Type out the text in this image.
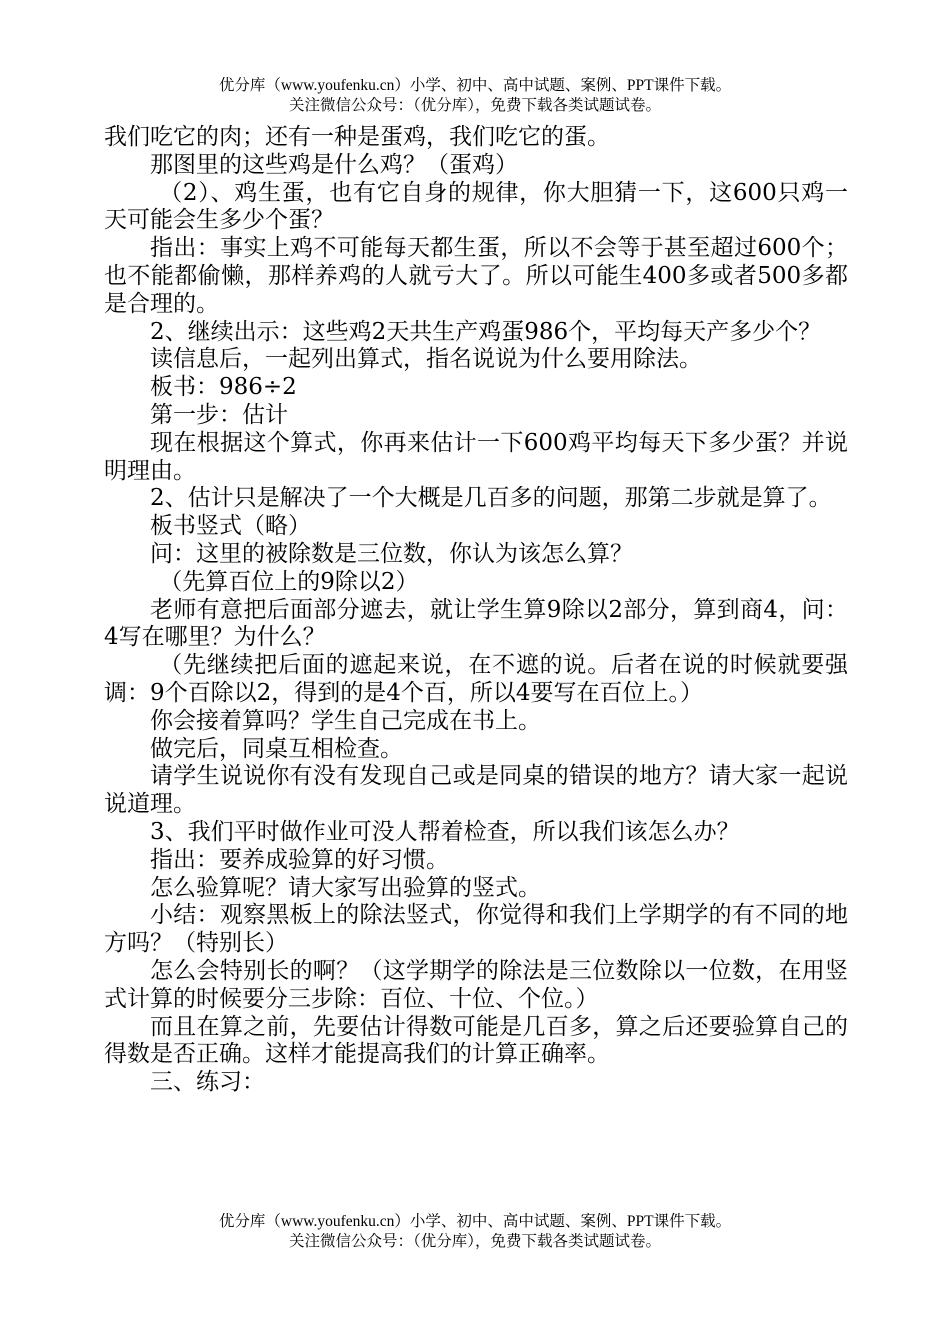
优分库（www.youfenku.cn）小学、初中、高中试题、案例、PPT课件下载。
关注微信公众号：（优分库），免费下载各类试题试卷。

我们吃它的肉；还有一种是蛋鸡，我们吃它的蛋。

那图里的这些鸡是什么鸡？（蛋鸡）

（2）、鸡生蛋，也有它自身的规律，你大胆猜一下，这600只鸡一天可能会生多少个蛋？

指出：事实上鸡不可能每天都生蛋，所以不会等于甚至超过600个；也不能都偷懒，那样养鸡的人就亏大了。所以可能生400多或者500多都是合理的。

2、继续出示：这些鸡2天共生产鸡蛋986个，平均每天产多少个？

读信息后，一起列出算式，指名说说为什么要用除法。

板书：986÷2

第一步：估计

现在根据这个算式，你再来估计一下600鸡平均每天下多少蛋？并说明理由。

2、估计只是解决了一个大概是几百多的问题，那第二步就是算了。

板书竖式（略）

问：这里的被除数是三位数，你认为该怎么算？

（先算百位上的9除以2）

老师有意把后面部分遮去，就让学生算9除以2部分，算到商4，问：4写在哪里？为什么？

（先继续把后面的遮起来说，在不遮的说。后者在说的时候就要强调：9个百除以2，得到的是4个百，所以4要写在百位上。）

你会接着算吗？学生自己完成在书上。

做完后，同桌互相检查。

请学生说说你有没有发现自己或是同桌的错误的地方？请大家一起说说道理。

3、我们平时做作业可没人帮着检查，所以我们该怎么办？

指出：要养成验算的好习惯。

怎么验算呢？请大家写出验算的竖式。

小结：观察黑板上的除法竖式，你觉得和我们上学期学的有不同的地方吗？（特别长）

怎么会特别长的啊？（这学期学的除法是三位数除以一位数，在用竖式计算的时候要分三步除：百位、十位、个位。）

而且在算之前，先要估计得数可能是几百多，算之后还要验算自己的得数是否正确。这样才能提高我们的计算正确率。

三、练习：

优分库（www.youfenku.cn）小学、初中、高中试题、案例、PPT课件下载。
关注微信公众号：（优分库），免费下载各类试题试卷。
